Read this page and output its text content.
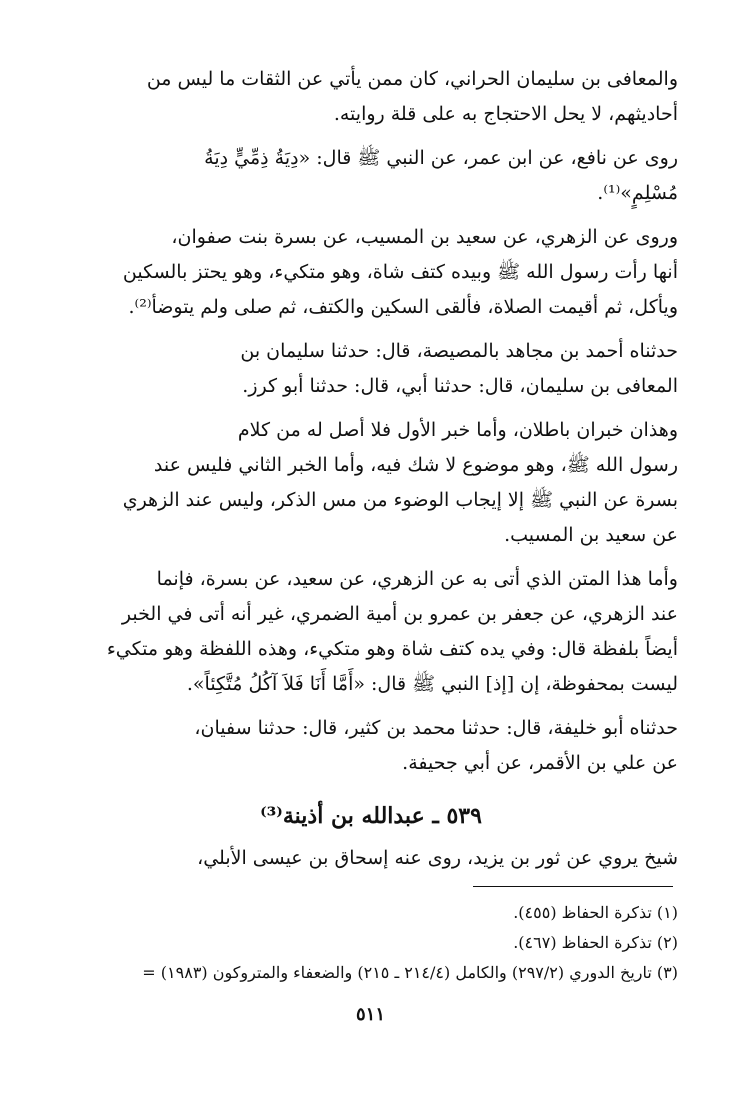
والمعافى بن سليمان الحراني، كان ممن يأتي عن الثقات ما ليس من
أحاديثهم، لا يحل الاحتجاج به على قلة روايته.

روى عن نافع، عن ابن عمر، عن النبي ﷺ قال: «دِيَةُ ذِمِّيٍّ دِيَةُ
مُسْلِمٍ»⁽¹⁾.

وروى عن الزهري، عن سعيد بن المسيب، عن بسرة بنت صفوان،
أنها رأت رسول الله ﷺ وبيده كتف شاة، وهو متكيء، وهو يحتز بالسكين
ويأكل، ثم أقيمت الصلاة، فألقى السكين والكتف، ثم صلى ولم يتوضأ⁽²⁾.

حدثناه أحمد بن مجاهد بالمصيصة، قال: حدثنا سليمان بن
المعافى بن سليمان، قال: حدثنا أبي، قال: حدثنا أبو كرز.

وهذان خبران باطلان، وأما خبر الأول فلا أصل له من كلام
رسول الله ﷺ، وهو موضوع لا شك فيه، وأما الخبر الثاني فليس عند
بسرة عن النبي ﷺ إلا إيجاب الوضوء من مس الذكر، وليس عند الزهري
عن سعيد بن المسيب.

وأما هذا المتن الذي أتى به عن الزهري، عن سعيد، عن بسرة، فإنما
عند الزهري، عن جعفر بن عمرو بن أمية الضمري، غير أنه أتى في الخبر
أيضاً بلفظة قال: وفي يده كتف شاة وهو متكيء، وهذه اللفظة وهو متكيء
ليست بمحفوظة، إن [إذ] النبي ﷺ قال: «أَمَّا أَنَا فَلاَ آكُلُ مُتَّكِئاً».

حدثناه أبو خليفة، قال: حدثنا محمد بن كثير، قال: حدثنا سفيان،
عن علي بن الأقمر، عن أبي جحيفة.

٥٣٩ ـ عبدالله بن أذينة⁽³⁾

شيخ يروي عن ثور بن يزيد، روى عنه إسحاق بن عيسى الأبلي،

(١) تذكرة الحفاظ (٤٥٥).
(٢) تذكرة الحفاظ (٤٦٧).
(٣) تاريخ الدوري (٢٩٧/٢) والكامل (٢١٤/٤ ـ ٢١٥) والضعفاء والمتروكون (١٩٨٣) =
٥١١
